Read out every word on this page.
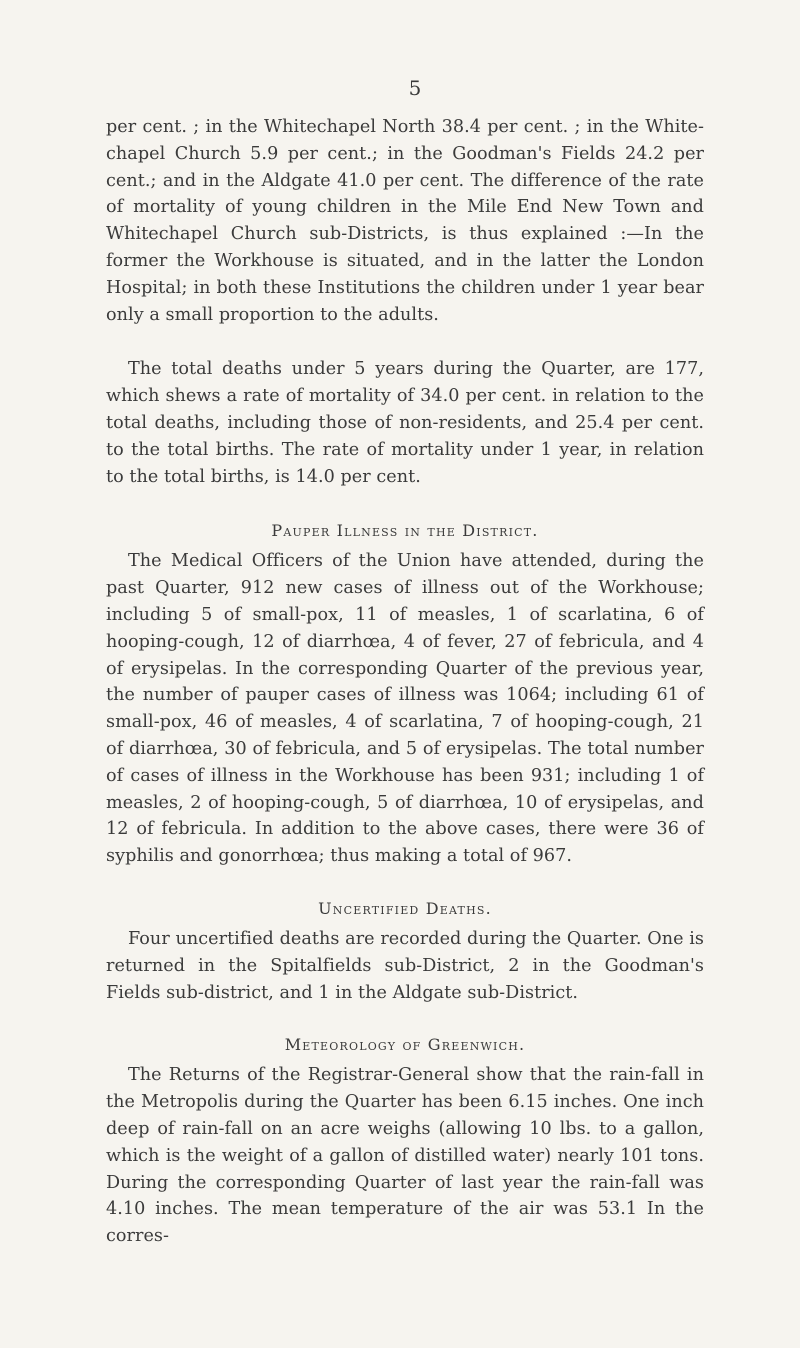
5

per cent. ; in the Whitechapel North 38.4 per cent. ; in the White-chapel Church 5.9 per cent.; in the Goodman's Fields 24.2 per cent.; and in the Aldgate 41.0 per cent. The difference of the rate of mortality of young children in the Mile End New Town and Whitechapel Church sub-Districts, is thus explained :—In the former the Workhouse is situated, and in the latter the London Hospital; in both these Institutions the children under 1 year bear only a small proportion to the adults.

The total deaths under 5 years during the Quarter, are 177, which shews a rate of mortality of 34.0 per cent. in relation to the total deaths, including those of non-residents, and 25.4 per cent. to the total births. The rate of mortality under 1 year, in relation to the total births, is 14.0 per cent.

Pauper Illness in the District.

The Medical Officers of the Union have attended, during the past Quarter, 912 new cases of illness out of the Workhouse; including 5 of small-pox, 11 of measles, 1 of scarlatina, 6 of hooping-cough, 12 of diarrhœa, 4 of fever, 27 of febricula, and 4 of erysipelas. In the corresponding Quarter of the previous year, the number of pauper cases of illness was 1064; including 61 of small-pox, 46 of measles, 4 of scarlatina, 7 of hooping-cough, 21 of diarrhœa, 30 of febricula, and 5 of erysipelas. The total number of cases of illness in the Workhouse has been 931; including 1 of measles, 2 of hooping-cough, 5 of diarrhœa, 10 of erysipelas, and 12 of febricula. In addition to the above cases, there were 36 of syphilis and gonorrhœa; thus making a total of 967.

Uncertified Deaths.

Four uncertified deaths are recorded during the Quarter. One is returned in the Spitalfields sub-District, 2 in the Goodman's Fields sub-district, and 1 in the Aldgate sub-District.

Meteorology of Greenwich.

The Returns of the Registrar-General show that the rain-fall in the Metropolis during the Quarter has been 6.15 inches. One inch deep of rain-fall on an acre weighs (allowing 10 lbs. to a gallon, which is the weight of a gallon of distilled water) nearly 101 tons. During the corresponding Quarter of last year the rain-fall was 4.10 inches. The mean temperature of the air was 53.1 In the corres-
